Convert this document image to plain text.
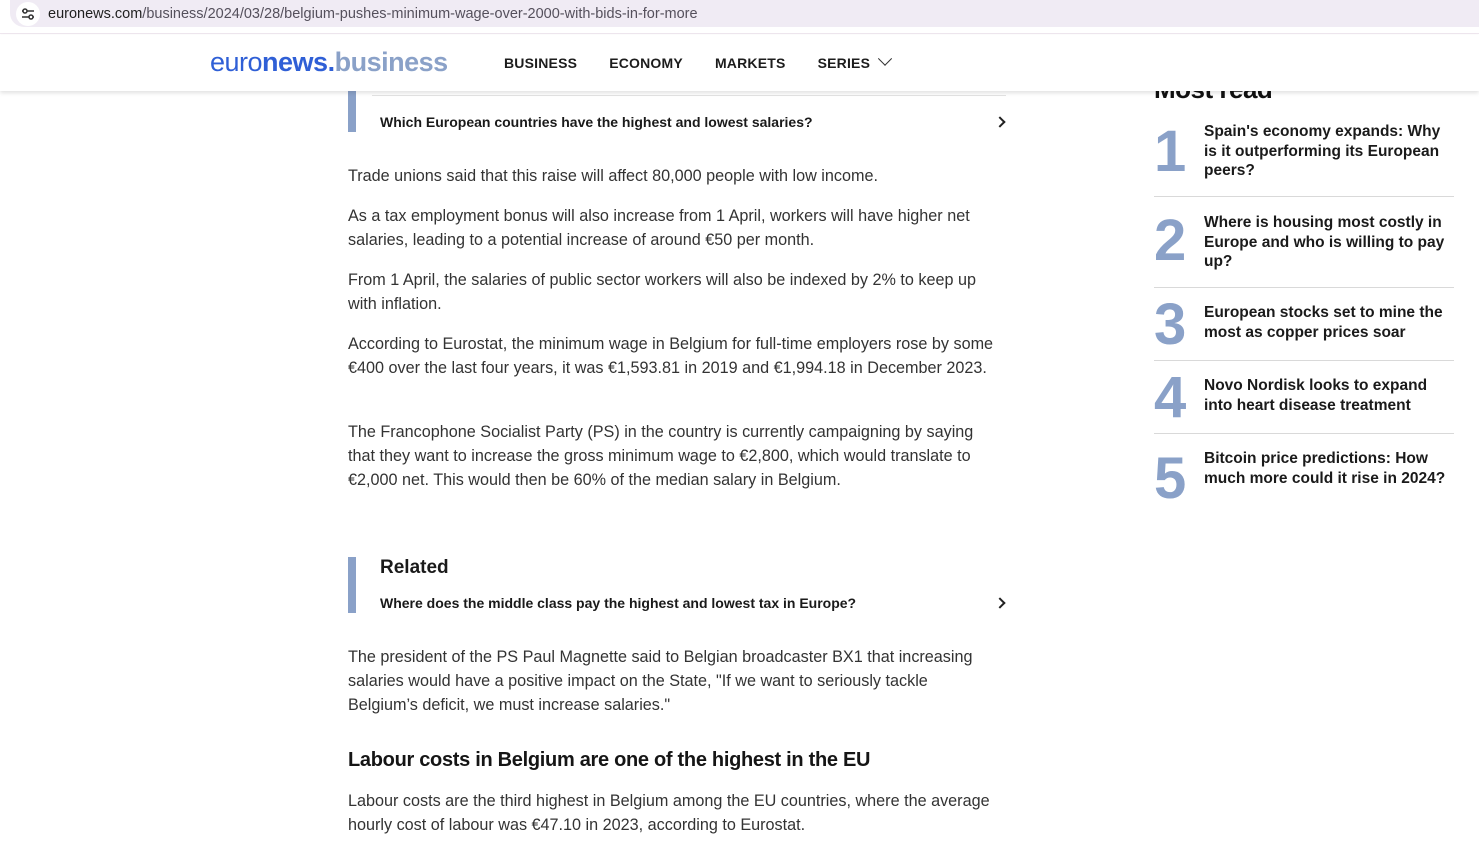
euronews.com/business/2024/03/28/belgium-pushes-minimum-wage-over-2000-with-bids-in-for-more
euronews.business	BUSINESS ECONOMY MARKETS SERIES
Which European countries have the highest and lowest salaries?

Trade unions said that this raise will affect 80,000 people with low income.

As a tax employment bonus will also increase from 1 April, workers will have higher net salaries, leading to a potential increase of around €50 per month.

From 1 April, the salaries of public sector workers will also be indexed by 2% to keep up with inflation.

According to Eurostat, the minimum wage in Belgium for full-time employers rose by some €400 over the last four years, it was €1,593.81 in 2019 and €1,994.18 in December 2023.

The Francophone Socialist Party (PS) in the country is currently campaigning by saying that they want to increase the gross minimum wage to €2,800, which would translate to €2,000 net. This would then be 60% of the median salary in Belgium.

Related
Where does the middle class pay the highest and lowest tax in Europe?

The president of the PS Paul Magnette said to Belgian broadcaster BX1 that increasing salaries would have a positive impact on the State, "If we want to seriously tackle Belgium’s deficit, we must increase salaries."

Labour costs in Belgium are one of the highest in the EU

Labour costs are the third highest in Belgium among the EU countries, where the average hourly cost of labour was €47.10 in 2023, according to Eurostat.

1 Spain's economy expands: Why is it outperforming its European peers?
2 Where is housing most costly in Europe and who is willing to pay up?
3 European stocks set to mine the most as copper prices soar
4 Novo Nordisk looks to expand into heart disease treatment
5 Bitcoin price predictions: How much more could it rise in 2024?
